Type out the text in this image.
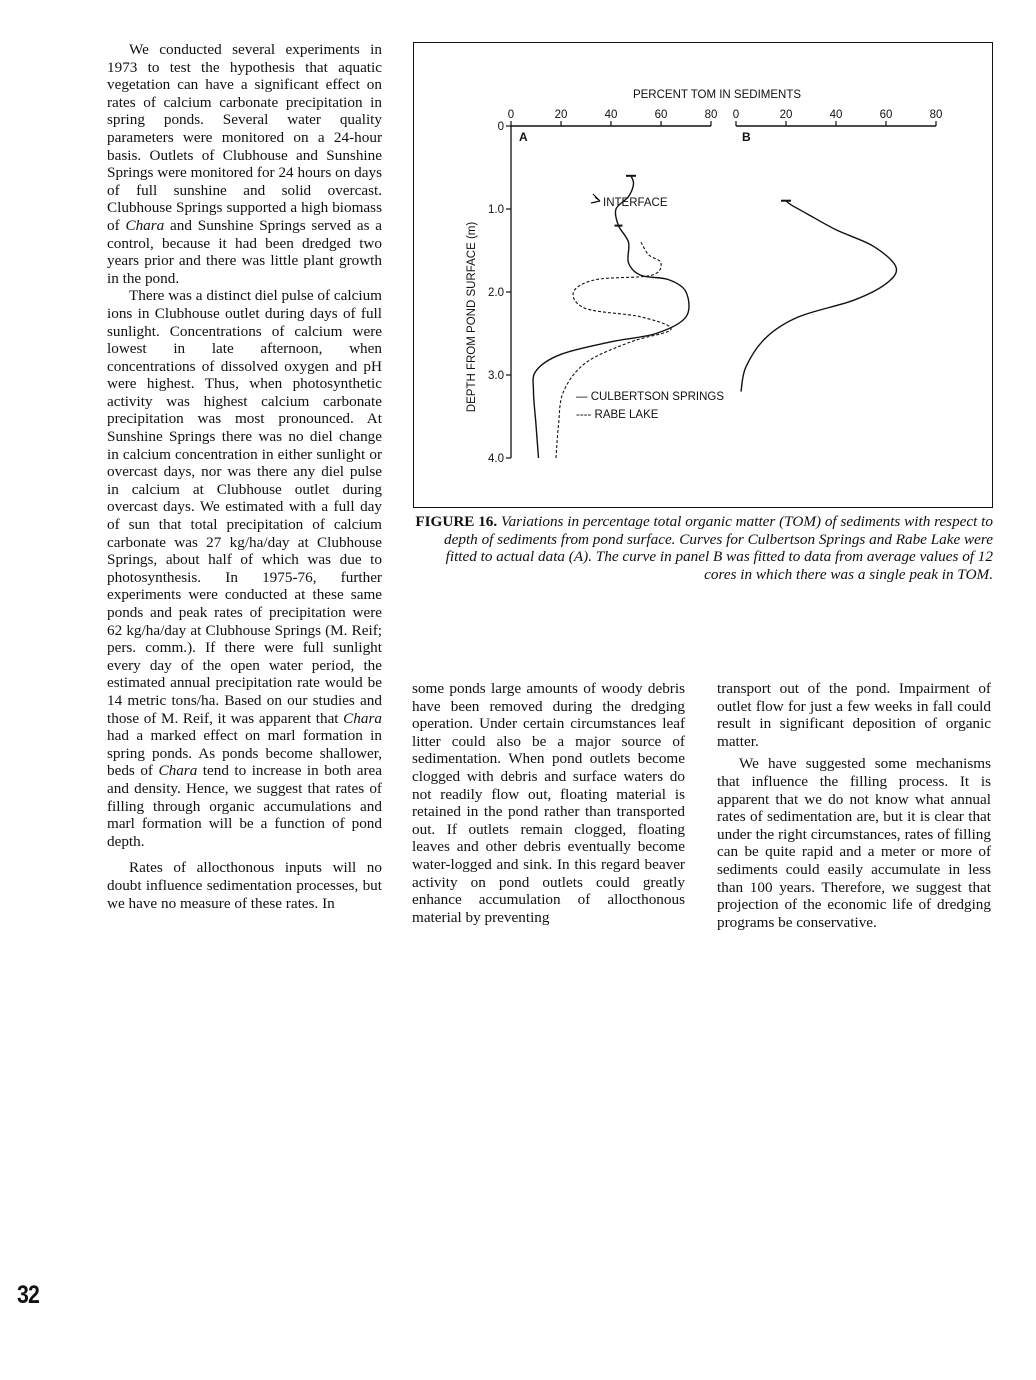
We conducted several experiments in 1973 to test the hypothesis that aquatic vegetation can have a significant effect on rates of calcium carbonate precipitation in spring ponds. Several water quality parameters were monitored on a 24-hour basis. Outlets of Clubhouse and Sunshine Springs were monitored for 24 hours on days of full sunshine and solid overcast. Clubhouse Springs supported a high biomass of Chara and Sunshine Springs served as a control, because it had been dredged two years prior and there was little plant growth in the pond.

There was a distinct diel pulse of calcium ions in Clubhouse outlet during days of full sunlight. Concentrations of calcium were lowest in late afternoon, when concentrations of dissolved oxygen and pH were highest. Thus, when photosynthetic activity was highest calcium carbonate precipitation was most pronounced. At Sunshine Springs there was no diel change in calcium concentration in either sunlight or overcast days, nor was there any diel pulse in calcium at Clubhouse outlet during overcast days. We estimated with a full day of sun that total precipitation of calcium carbonate was 27 kg/ha/day at Clubhouse Springs, about half of which was due to photosynthesis. In 1975-76, further experiments were conducted at these same ponds and peak rates of precipitation were 62 kg/ha/day at Clubhouse Springs (M. Reif; pers. comm.). If there were full sunlight every day of the open water period, the estimated annual precipitation rate would be 14 metric tons/ha. Based on our studies and those of M. Reif, it was apparent that Chara had a marked effect on marl formation in spring ponds. As ponds become shallower, beds of Chara tend to increase in both area and density. Hence, we suggest that rates of filling through organic accumulations and marl formation will be a function of pond depth.

Rates of allocthonous inputs will no doubt influence sedimentation processes, but we have no measure of these rates. In

PERCENT TOM IN SEDIMENTS
DEPTH FROM POND SURFACE (m)
0
1.0
2.0
3.0
4.0
0	20	40	60	80
A
0	20	40	60	80
B
INTERFACE
— CULBERTSON SPRINGS
---- RABE LAKE
FIGURE 16. Variations in percentage total organic matter (TOM) of sediments with respect to depth of sediments from pond surface. Curves for Culbertson Springs and Rabe Lake were fitted to actual data (A). The curve in panel B was fitted to data from average values of 12 cores in which there was a single peak in TOM.

some ponds large amounts of woody debris have been removed during the dredging operation. Under certain circumstances leaf litter could also be a major source of sedimentation. When pond outlets become clogged with debris and surface waters do not readily flow out, floating material is retained in the pond rather than transported out. If outlets remain clogged, floating leaves and other debris eventually become water-logged and sink. In this regard beaver activity on pond outlets could greatly enhance accumulation of allocthonous material by preventing

transport out of the pond. Impairment of outlet flow for just a few weeks in fall could result in significant deposition of organic matter.

We have suggested some mechanisms that influence the filling process. It is apparent that we do not know what annual rates of sedimentation are, but it is clear that under the right circumstances, rates of filling can be quite rapid and a meter or more of sediments could easily accumulate in less than 100 years. Therefore, we suggest that projection of the economic life of dredging programs be conservative.

32
